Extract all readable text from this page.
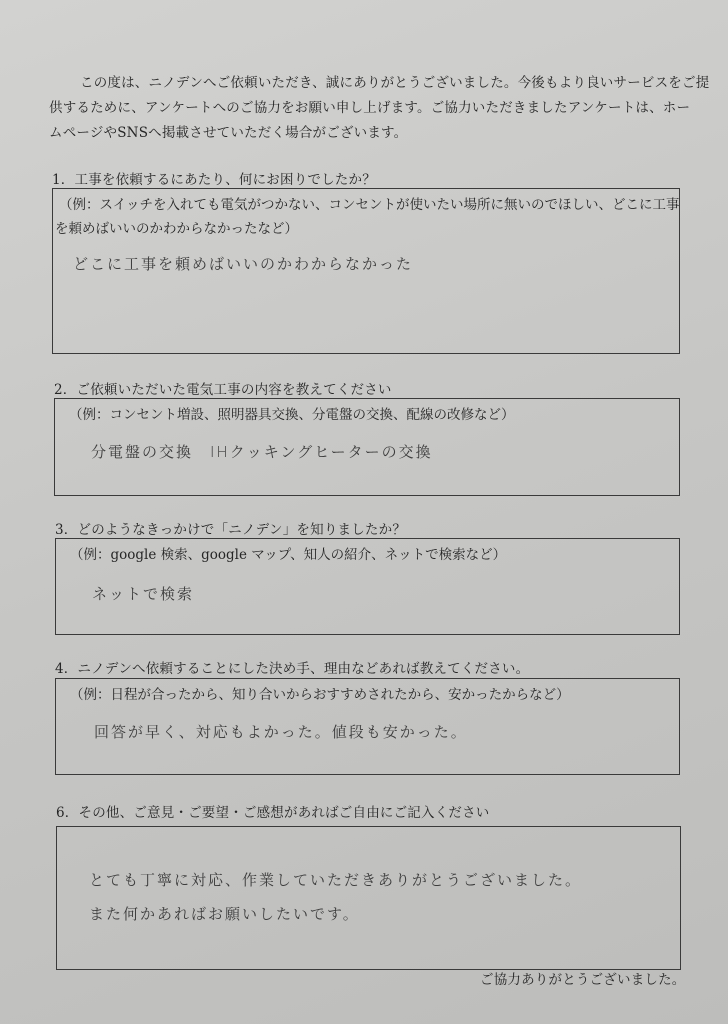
この度は、ニノデンへご依頼いただき、誠にありがとうございました。今後もより良いサービスをご提
供するために、アンケートへのご協力をお願い申し上げます。ご協力いただきましたアンケートは、ホー
ムページやSNSへ掲載させていただく場合がございます。
1．工事を依頼するにあたり、何にお困りでしたか？
（例：スイッチを入れても電気がつかない、コンセントが使いたい場所に無いのでほしい、どこに工事
を頼めばいいのかわからなかったなど）
どこに工事を頼めばいいのかわからなかった
2．ご依頼いただいた電気工事の内容を教えてください
（例：コンセント増設、照明器具交換、分電盤の交換、配線の改修など）
分電盤の交換　IHクッキングヒーターの交換
3．どのようなきっかけで「ニノデン」を知りましたか？
（例：google 検索、google マップ、知人の紹介、ネットで検索など）
ネットで検索
4．ニノデンへ依頼することにした決め手、理由などあれば教えてください。
（例：日程が合ったから、知り合いからおすすめされたから、安かったからなど）
回答が早く、対応もよかった。値段も安かった。
6．その他、ご意見・ご要望・ご感想があればご自由にご記入ください
とても丁寧に対応、作業していただきありがとうございました。
また何かあればお願いしたいです。
ご協力ありがとうございました。
